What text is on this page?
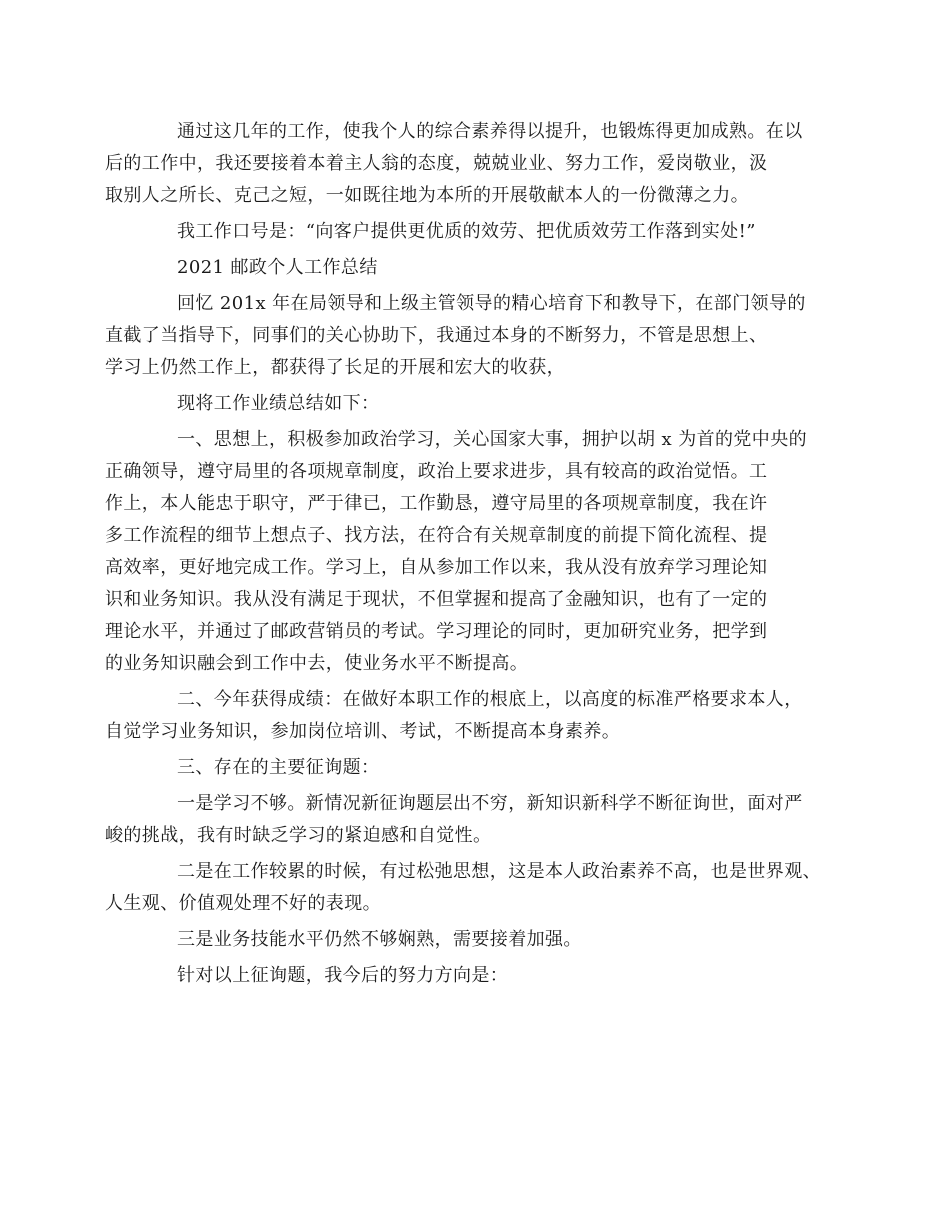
通过这几年的工作，使我个人的综合素养得以提升，也锻炼得更加成熟。在以
后的工作中，我还要接着本着主人翁的态度，兢兢业业、努力工作，爱岗敬业，汲
取别人之所长、克己之短，一如既往地为本所的开展敬献本人的一份微薄之力。
我工作口号是：“向客户提供更优质的效劳、把优质效劳工作落到实处!”
2021 邮政个人工作总结
回忆 201x 年在局领导和上级主管领导的精心培育下和教导下，在部门领导的
直截了当指导下，同事们的关心协助下，我通过本身的不断努力，不管是思想上、
学习上仍然工作上，都获得了长足的开展和宏大的收获，
现将工作业绩总结如下：
一、思想上，积极参加政治学习，关心国家大事，拥护以胡 x 为首的党中央的
正确领导，遵守局里的各项规章制度，政治上要求进步，具有较高的政治觉悟。工
作上，本人能忠于职守，严于律已，工作勤恳，遵守局里的各项规章制度，我在许
多工作流程的细节上想点子、找方法，在符合有关规章制度的前提下简化流程、提
高效率，更好地完成工作。学习上，自从参加工作以来，我从没有放弃学习理论知
识和业务知识。我从没有满足于现状，不但掌握和提高了金融知识，也有了一定的
理论水平，并通过了邮政营销员的考试。学习理论的同时，更加研究业务，把学到
的业务知识融会到工作中去，使业务水平不断提高。
二、今年获得成绩：在做好本职工作的根底上，以高度的标准严格要求本人，
自觉学习业务知识，参加岗位培训、考试，不断提高本身素养。
三、存在的主要征询题：
一是学习不够。新情况新征询题层出不穷，新知识新科学不断征询世，面对严
峻的挑战，我有时缺乏学习的紧迫感和自觉性。
二是在工作较累的时候，有过松弛思想，这是本人政治素养不高，也是世界观、
人生观、价值观处理不好的表现。
三是业务技能水平仍然不够娴熟，需要接着加强。
针对以上征询题，我今后的努力方向是：
